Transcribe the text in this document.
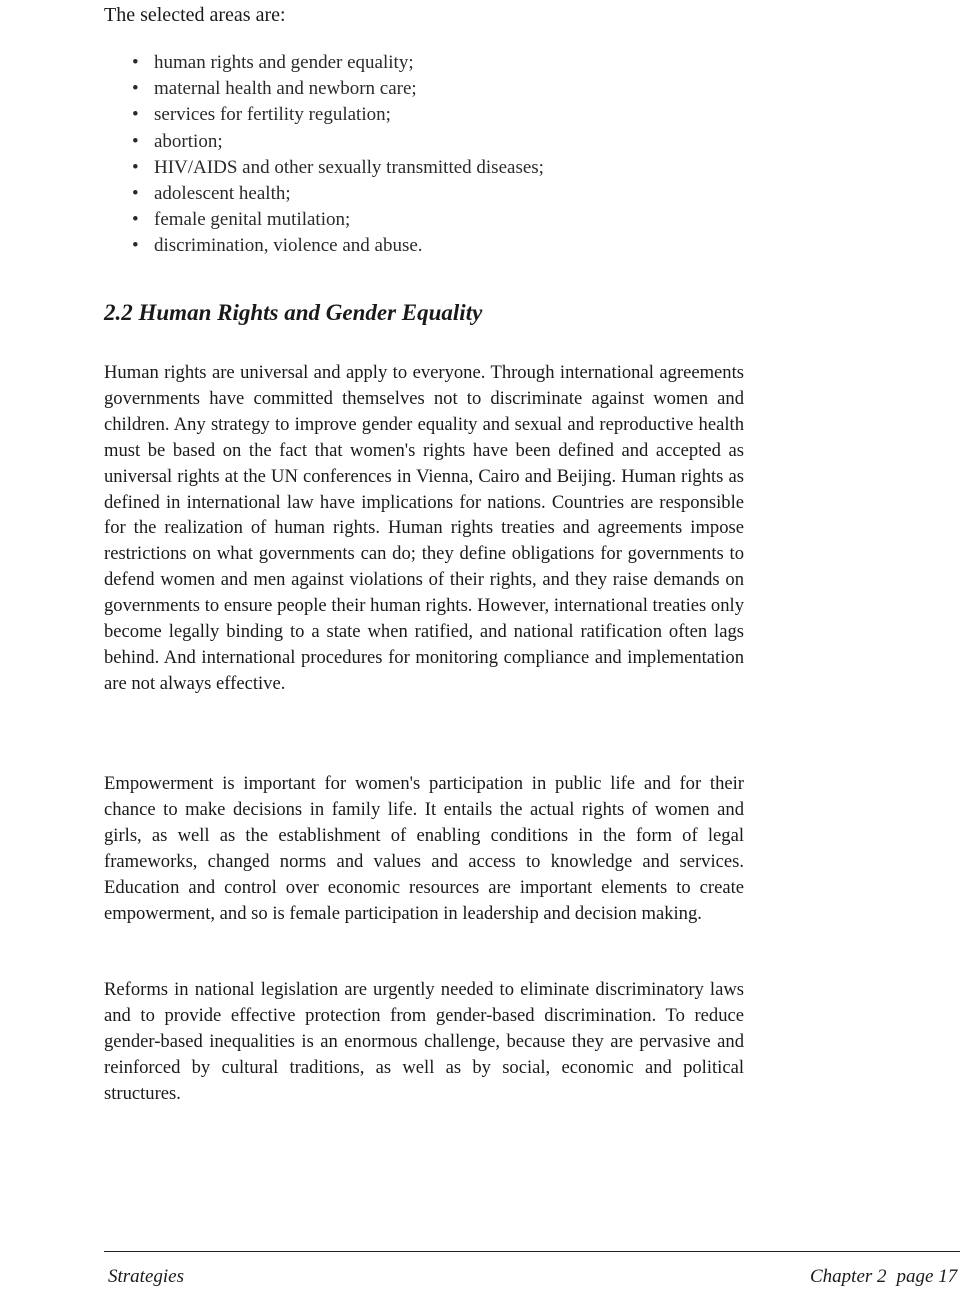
The selected areas are:

• human rights and gender equality;
• maternal health and newborn care;
• services for fertility regulation;
• abortion;
• HIV/AIDS and other sexually transmitted diseases;
• adolescent health;
• female genital mutilation;
• discrimination, violence and abuse.
2.2 Human Rights and Gender Equality

Human rights are universal and apply to everyone. Through international agreements governments have committed themselves not to discriminate against women and children. Any strategy to improve gender equality and sexual and reproductive health must be based on the fact that women's rights have been defined and accepted as universal rights at the UN conferences in Vienna, Cairo and Beijing. Human rights as defined in international law have implications for nations. Countries are responsible for the realization of human rights. Human rights treaties and agreements impose restrictions on what governments can do; they define obligations for governments to defend women and men against violations of their rights, and they raise demands on governments to ensure people their human rights. However, international treaties only become legally binding to a state when ratified, and national ratification often lags behind. And international procedures for monitoring compliance and implementation are not always effective.

Empowerment is important for women's participation in public life and for their chance to make decisions in family life. It entails the actual rights of women and girls, as well as the establishment of enabling conditions in the form of legal frameworks, changed norms and values and access to knowledge and services. Education and control over economic resources are important elements to create empowerment, and so is female participation in leadership and decision making.

Reforms in national legislation are urgently needed to eliminate discriminatory laws and to provide effective protection from gender-based discrimination. To reduce gender-based inequalities is an enormous challenge, because they are pervasive and reinforced by cultural traditions, as well as by social, economic and political structures.

Strategies	Chapter 2 page 17
